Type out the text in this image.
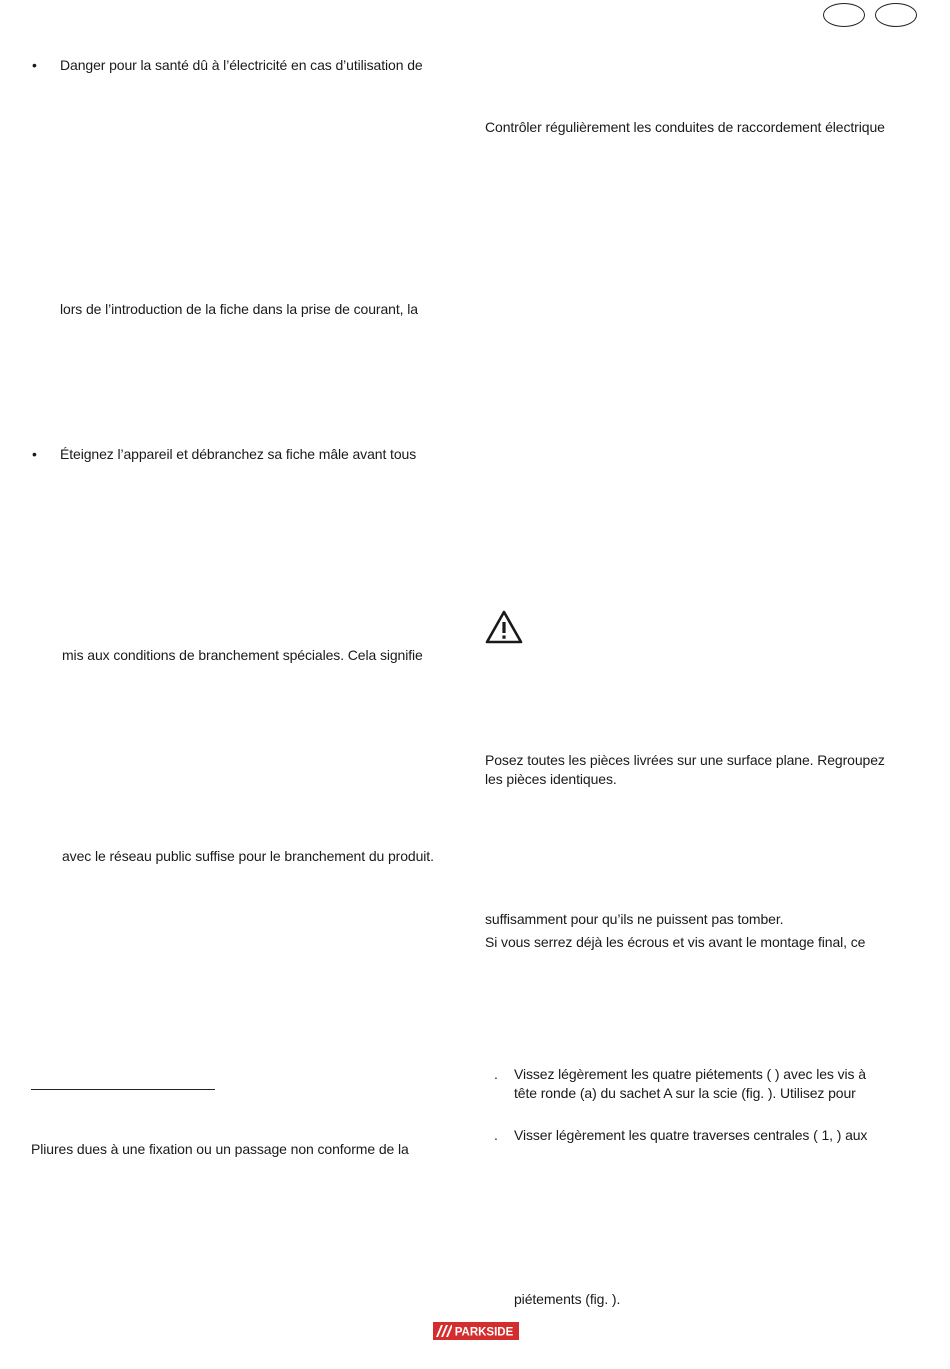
• Danger pour la santé dû à l’électricité en cas d’utilisation de
lors de l’introduction de la fiche dans la prise de courant, la
• Éteignez l’appareil et débranchez sa fiche mâle avant tous
mis aux conditions de branchement spéciales. Cela signifie
avec le réseau public suffise pour le branchement du produit.
Pliures dues à une fixation ou un passage non conforme de la
Contrôler régulièrement les conduites de raccordement électrique
Posez toutes les pièces livrées sur une surface plane. Regroupez
les pièces identiques.
suffisamment pour qu’ils ne puissent pas tomber.
Si vous serrez déjà les écrous et vis avant le montage final, ce
. Vissez légèrement les quatre piétements ( ) avec les vis à
tête ronde (a) du sachet A sur la scie (fig. ). Utilisez pour
. Visser légèrement les quatre traverses centrales ( 1, ) aux
piétements (fig. ).
PARKSIDE
